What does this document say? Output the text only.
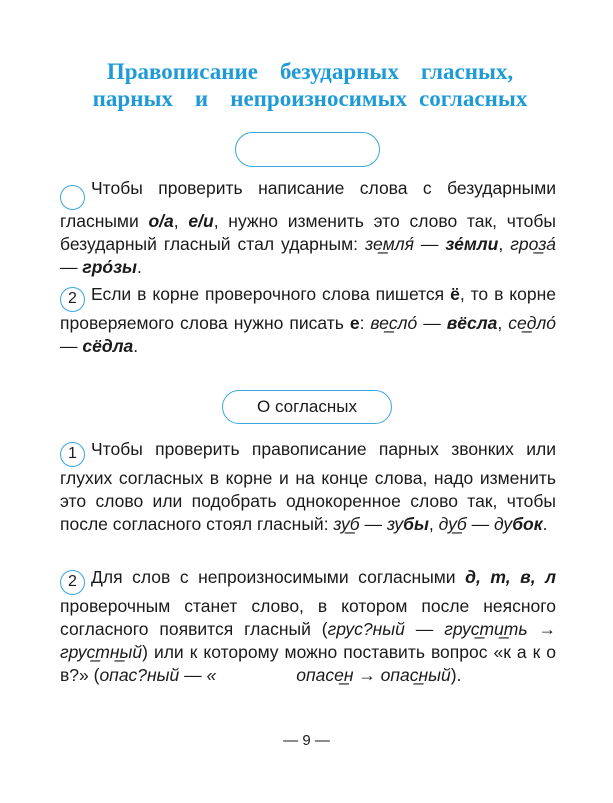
Правописание безударных гласных,
парных и непроизносимых согласных
Чтобы проверить написание слова с безударными гласными о/а, е/и, нужно изменить это слово так, чтобы безударный гласный стал ударным: зе̲мля́ — зе́мли, гро̲за́ — гро́зы.
2 Если в корне проверочного слова пишется ё, то в корне проверяемого слова нужно писать е: ве̲сло́ — вёсла, се̲дло́ — сёдла.
О согласных
1 Чтобы проверить правописание парных звонких или глухих согласных в корне и на конце слова, надо изменить это слово или подобрать однокоренное слово так, чтобы после согласного стоял гласный: зу̲б — зубы, ду̲б — дубок.
2 Для слов с непроизносимыми согласными д, т, в, л проверочным станет слово, в котором после неясного согласного появится гласный (грус?ный — грус̲ти̲ть → грус̲тн̲ый) или к которому можно поставить вопрос «к а к о в?» (опас?ный — «	опасе̲н → опас̲ный).
— 9 —
